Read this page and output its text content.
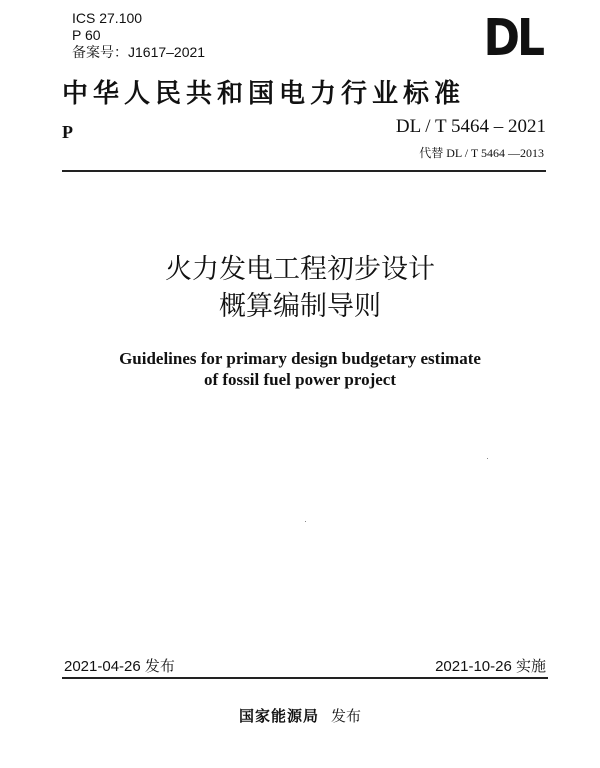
ICS 27.100
P 60
备案号：J1617–2021	DL
中华人民共和国电力行业标准
P	DL / T 5464 – 2021
代替 DL / T 5464 —2013
火力发电工程初步设计
概算编制导则
Guidelines for primary design budgetary estimate
of fossil fuel power project
2021-04-26 发布	2021-10-26 实施
国家能源局 发布
